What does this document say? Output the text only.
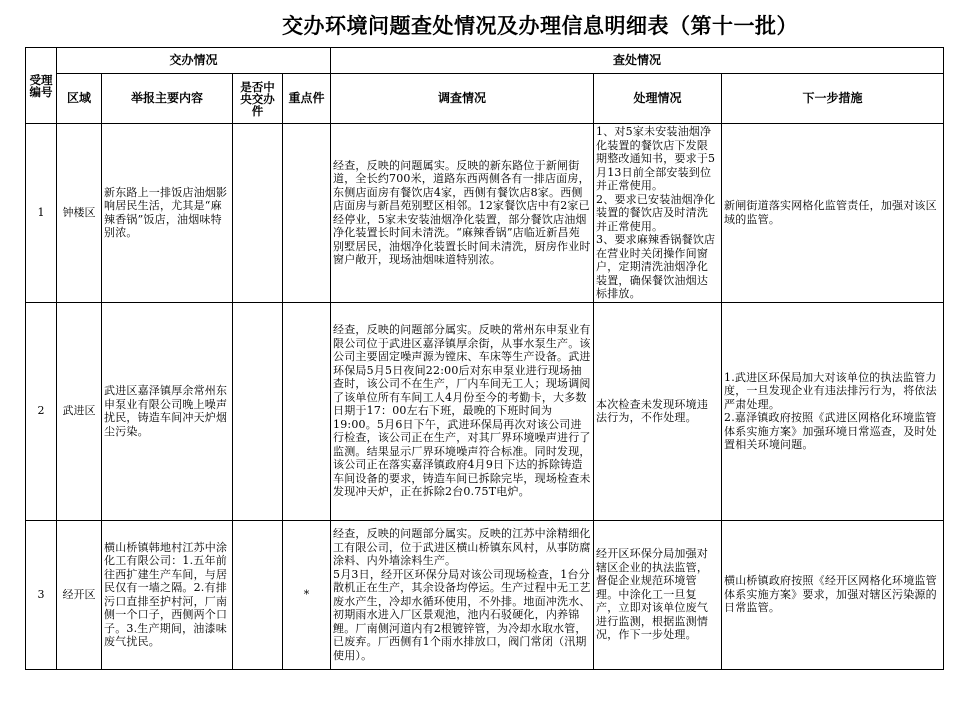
交办环境问题查处情况及办理信息明细表（第十一批）
受理编号	交办情况				查处情况		
	区域	举报主要内容	是否中央交办件	重点件	调查情况	处理情况	下一步措施
1	钟楼区	新东路上一排饭店油烟影响居民生活，尤其是“麻辣香锅”饭店，油烟味特别浓。			经查，反映的问题属实。反映的新东路位于新闸街道，全长约700米，道路东西两侧各有一排店面房，东侧店面房有餐饮店4家，西侧有餐饮店8家。西侧店面房与新昌苑别墅区相邻。12家餐饮店中有2家已经停业，5家未安装油烟净化装置，部分餐饮店油烟净化装置长时间未清洗。“麻辣香锅”店临近新昌苑别墅居民，油烟净化装置长时间未清洗，厨房作业时窗户敞开，现场油烟味道特别浓。	1、对5家未安装油烟净化装置的餐饮店下发限期整改通知书，要求于5月13日前全部安装到位并正常使用。
2、要求已安装油烟净化装置的餐饮店及时清洗并正常使用。
3、要求麻辣香锅餐饮店在营业时关闭操作间窗户，定期清洗油烟净化装置，确保餐饮油烟达标排放。	新闸街道落实网格化监管责任，加强对该区域的监管。
2	武进区	武进区嘉泽镇厚余常州东申泵业有限公司晚上噪声扰民，铸造车间冲天炉烟尘污染。			经查，反映的问题部分属实。反映的常州东申泵业有限公司位于武进区嘉泽镇厚余街，从事水泵生产。该公司主要固定噪声源为镗床、车床等生产设备。武进环保局5月5日夜间22:00后对东申泵业进行现场抽查时，该公司不在生产，厂内车间无工人；现场调阅了该单位所有车间工人4月份至今的考勤卡，大多数日期于17：00左右下班，最晚的下班时间为19:00。5月6日下午，武进环保局再次对该公司进行检查，该公司正在生产，对其厂界环境噪声进行了监测。结果显示厂界环境噪声符合标准。同时发现，该公司正在落实嘉泽镇政府4月9日下达的拆除铸造车间设备的要求，铸造车间已拆除完毕，现场检查未发现冲天炉，正在拆除2台0.75T电炉。	本次检查未发现环境违法行为，不作处理。	1.武进区环保局加大对该单位的执法监管力度，一旦发现企业有违法排污行为，将依法严肃处理。
2.嘉泽镇政府按照《武进区网格化环境监管体系实施方案》加强环境日常巡查，及时处置相关环境问题。
3	经开区	横山桥镇韩地村江苏中涂化工有限公司：1.五年前往西扩建生产车间，与居民仅有一墙之隔。2.有排污口直排至护村河，厂南侧一个口子，西侧两个口子。3.生产期间，油漆味废气扰民。		*	经查，反映的问题部分属实。反映的江苏中涂精细化工有限公司，位于武进区横山桥镇东风村，从事防腐涂料、内外墙涂料生产。
5月3日，经开区环保分局对该公司现场检查，1台分散机正在生产，其余设备均停运。生产过程中无工艺废水产生，冷却水循环使用，不外排。地面冲洗水、初期雨水进入厂区景观池，池内石驳硬化，内养锦鲤。厂南侧河道内有2根镀锌管，为冷却水取水管，已废弃。厂西侧有1个雨水排放口，阀门常闭（汛期使用）。	经开区环保分局加强对辖区企业的执法监管，督促企业规范环境管理。中涂化工一旦复产，立即对该单位废气进行监测，根据监测情况，作下一步处理。	横山桥镇政府按照《经开区网格化环境监管体系实施方案》要求，加强对辖区污染源的日常监管。
